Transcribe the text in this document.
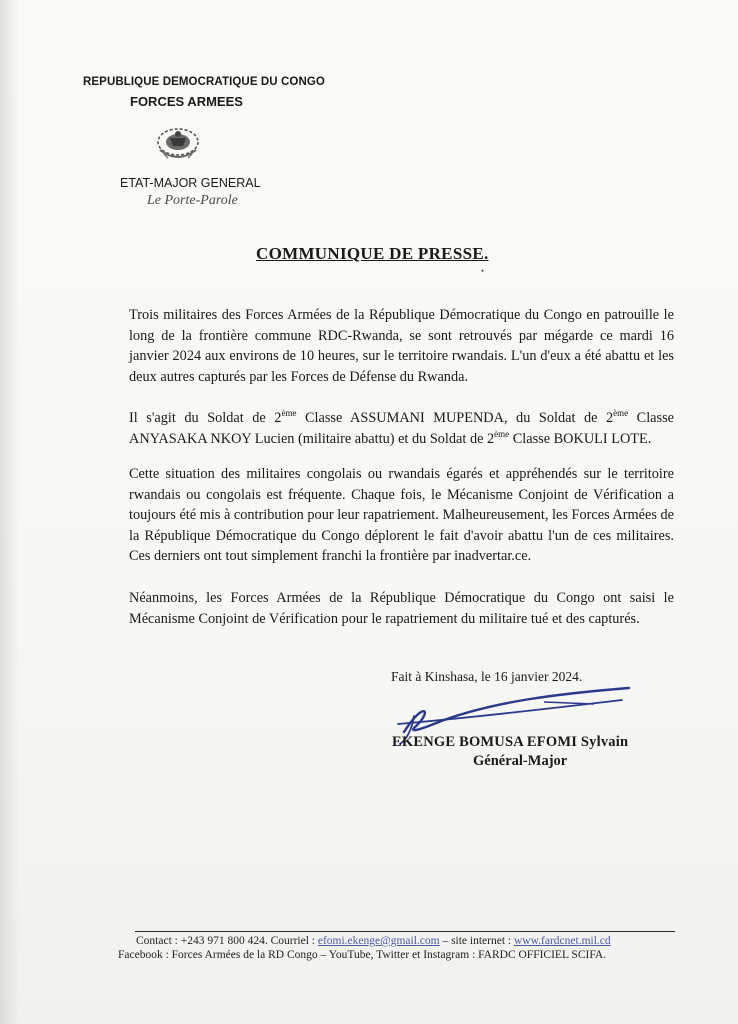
REPUBLIQUE DEMOCRATIQUE DU CONGO
FORCES ARMEES
ETAT-MAJOR GENERAL
Le Porte-Parole
COMMUNIQUE DE PRESSE.
•

Trois militaires des Forces Armées de la République Démocratique du Congo en patrouille le long de la frontière commune RDC-Rwanda, se sont retrouvés par mégarde ce mardi 16 janvier 2024 aux environs de 10 heures, sur le territoire rwandais. L'un d'eux a été abattu et les deux autres capturés par les Forces de Défense du Rwanda.

Il s'agit du Soldat de 2ème Classe ASSUMANI MUPENDA, du Soldat de 2ème Classe ANYASAKA NKOY Lucien (militaire abattu) et du Soldat de 2ème Classe BOKULI LOTE.

Cette situation des militaires congolais ou rwandais égarés et appréhendés sur le territoire rwandais ou congolais est fréquente. Chaque fois, le Mécanisme Conjoint de Vérification a toujours été mis à contribution pour leur rapatriement. Malheureusement, les Forces Armées de la République Démocratique du Congo déplorent le fait d'avoir abattu l'un de ces militaires. Ces derniers ont tout simplement franchi la frontière par inadvertar.ce.

Néanmoins, les Forces Armées de la République Démocratique du Congo ont saisi le Mécanisme Conjoint de Vérification pour le rapatriement du militaire tué et des capturés.

Fait à Kinshasa, le 16 janvier 2024.
EKENGE BOMUSA EFOMI Sylvain
Général-Major
Contact : +243 971 800 424. Courriel : efomi.ekenge@gmail.com – site internet : www.fardcnet.mil.cd
Facebook : Forces Armées de la RD Congo – YouTube, Twitter et Instagram : FARDC OFFICIEL SCIFA.
